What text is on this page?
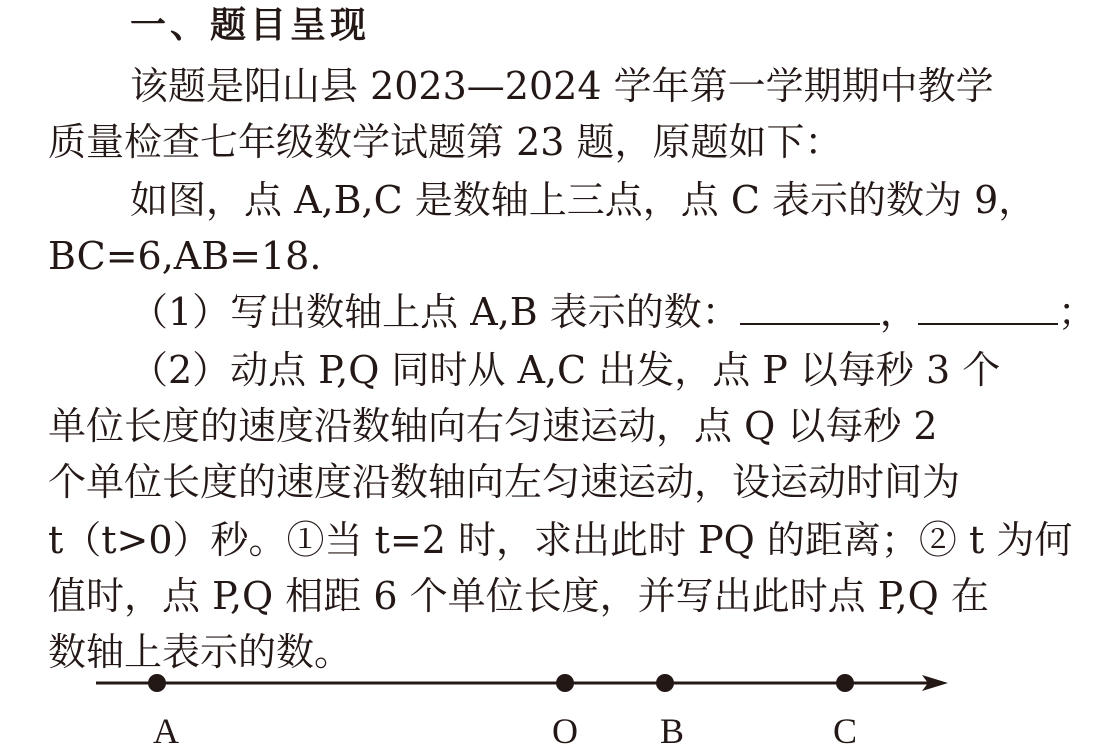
一、题目呈现
该题是阳山县 2023—2024 学年第一学期期中教学
质量检查七年级数学试题第 23 题，原题如下：
如图，点 A,B,C 是数轴上三点，点 C 表示的数为 9，
BC=6,AB=18.
（1）写出数轴上点 A,B 表示的数：	，	；
（2）动点 P,Q 同时从 A,C 出发，点 P 以每秒 3 个
单位长度的速度沿数轴向右匀速运动，点 Q 以每秒 2
个单位长度的速度沿数轴向左匀速运动，设运动时间为
t（t>0）秒。①当 t=2 时，求出此时 PQ 的距离；② t 为何
值时，点 P,Q 相距 6 个单位长度，并写出此时点 P,Q 在
数轴上表示的数。
A	O B	C
